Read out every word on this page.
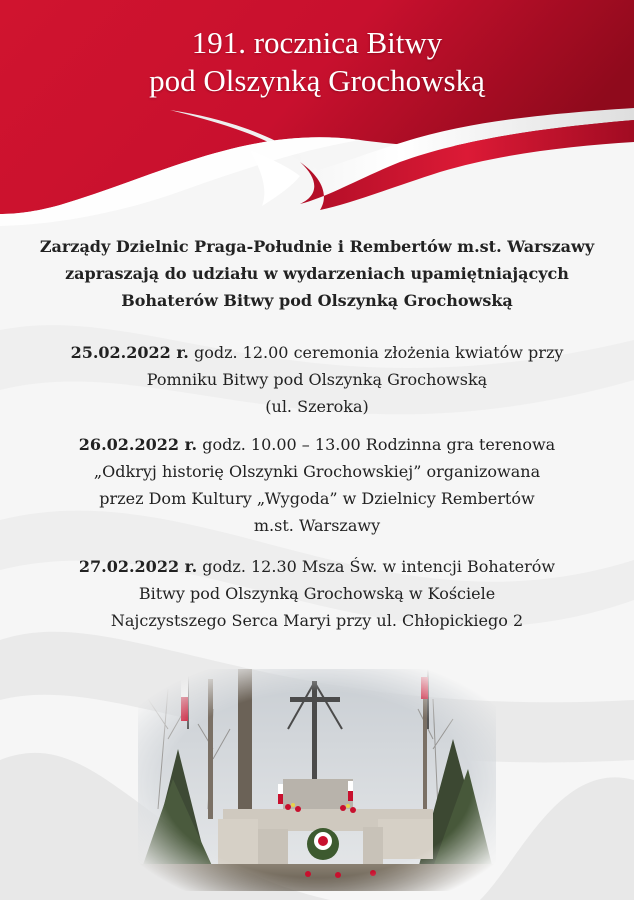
191. rocznica Bitwy
pod Olszynką Grochowską
Zarządy Dzielnic Praga-Południe i Rembertów m.st. Warszawy
zapraszają do udziału w wydarzeniach upamiętniających
Bohaterów Bitwy pod Olszynką Grochowską
25.02.2022 r. godz. 12.00 ceremonia złożenia kwiatów przy
Pomniku Bitwy pod Olszynką Grochowską
(ul. Szeroka)
26.02.2022 r. godz. 10.00 – 13.00 Rodzinna gra terenowa
„Odkryj historię Olszynki Grochowskiej” organizowana
przez Dom Kultury „Wygoda” w Dzielnicy Rembertów
m.st. Warszawy
27.02.2022 r. godz. 12.30 Msza Św. w intencji Bohaterów
Bitwy pod Olszynką Grochowską w Kościele
Najczystszego Serca Maryi przy ul. Chłopickiego 2
